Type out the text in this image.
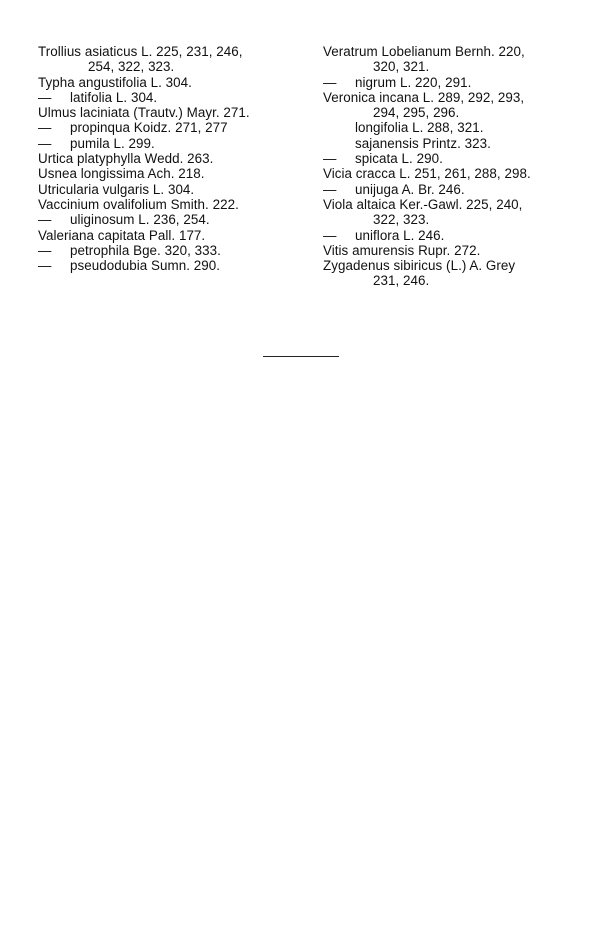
Trollius asiaticus L. 225, 231, 246,
254, 322, 323.
Typha angustifolia L. 304.
— latifolia L. 304.
Ulmus laciniata (Trautv.) Mayr. 271.
— propinqua Koidz. 271, 277
— pumila L. 299.
Urtica platyphylla Wedd. 263.
Usnea longissima Ach. 218.
Utricularia vulgaris L. 304.
Vaccinium ovalifolium Smith. 222.
— uliginosum L. 236, 254.
Valeriana capitata Pall. 177.
— petrophila Bge. 320, 333.
— pseudodubia Sumn. 290.
Veratrum Lobelianum Bernh. 220,
320, 321.
— nigrum L. 220, 291.
Veronica incana L. 289, 292, 293,
294, 295, 296.
longifolia L. 288, 321.
sajanensis Printz. 323.
— spicata L. 290.
Vicia cracca L. 251, 261, 288, 298.
— unijuga A. Br. 246.
Viola altaica Ker.-Gawl. 225, 240,
322, 323.
— uniflora L. 246.
Vitis amurensis Rupr. 272.
Zygadenus sibiricus (L.) A. Grey
231, 246.
